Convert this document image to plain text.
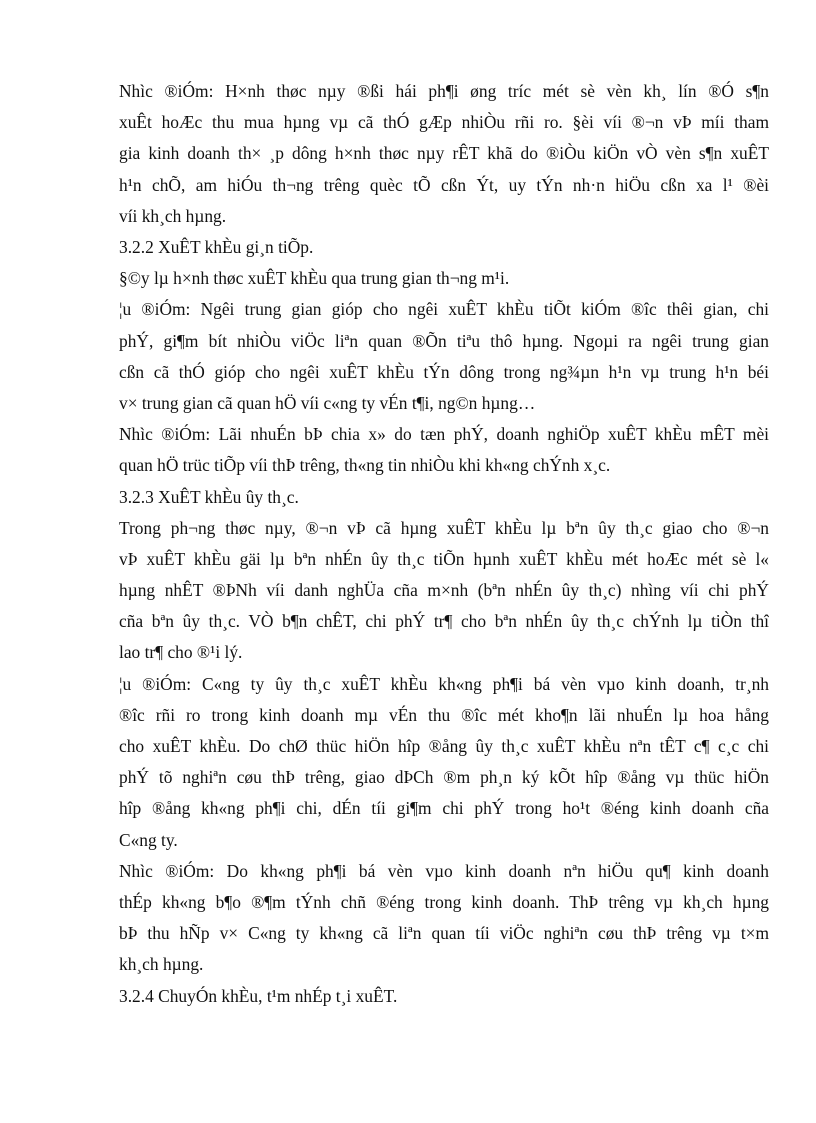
Nhìc ®iÓm: H×nh thøc nµy ®ßi hái ph¶i øng tríc mét sè vèn kh¸ lín ®Ó s¶n
xuÊt hoÆc thu mua hµng vµ cã thÓ gÆp nhiÒu rñi ro. §èi víi ®¬n vÞ míi tham
gia kinh doanh th× ¸p dông h×nh thøc nµy rÊT khã do ®iÒu kiÖn vÒ vèn s¶n xuÊT
h¹n chÕ, am hiÓu th¬ng trêng quèc tÕ cßn Ýt, uy tÝn nh·n hiÖu cßn xa l¹ ®èi
víi kh¸ch hµng.
3.2.2 XuÊT khÈu gi¸n tiÕp.
§©y lµ h×nh thøc xuÊT khÈu qua trung gian th¬ng m¹i.
¦u ®iÓm: Ngêi trung gian gióp cho ngêi xuÊT khÈu tiÕt kiÓm ®îc thêi gian, chi
phÝ, gi¶m bít nhiÒu viÖc liªn quan ®Õn tiªu thô hµng. Ngoµi ra ngêi trung gian
cßn cã thÓ gióp cho ngêi xuÊT khÈu tÝn dông trong ng¾µn h¹n vµ trung h¹n béi
v× trung gian cã quan hÖ víi c«ng ty vÉn t¶i, ng©n hµng…
Nhìc ®iÓm: Lãi nhuÉn bÞ chia x» do tæn phÝ, doanh nghiÖp xuÊT khÈu mÊT mèi
quan hÖ trüc tiÕp víi thÞ trêng, th«ng tin nhiÒu khi kh«ng chÝnh x¸c.
3.2.3 XuÊT khÈu ûy th¸c.
Trong ph¬ng thøc nµy, ®¬n vÞ cã hµng xuÊT khÈu lµ bªn ûy th¸c giao cho ®¬n
vÞ xuÊT khÈu gäi lµ bªn nhÉn ûy th¸c tiÕn hµnh xuÊT khÈu mét hoÆc mét sè l«
hµng nhÊT ®ÞNh víi danh nghÜa cña m×nh (bªn nhÉn ûy th¸c) nhìng víi chi phÝ
cña bªn ûy th¸c. VÒ b¶n chÊT, chi phÝ tr¶ cho bªn nhÉn ûy th¸c chÝnh lµ tiÒn thî
lao tr¶ cho ®¹i lý.
¦u ®iÓm: C«ng ty ûy th¸c xuÊT khÈu kh«ng ph¶i bá vèn vµo kinh doanh, tr¸nh
®îc rñi ro trong kinh doanh mµ vÉn thu ®îc mét kho¶n lãi nhuÉn lµ hoa hång
cho xuÊT khÈu. Do chØ thüc hiÖn hîp ®ång ûy th¸c xuÊT khÈu nªn tÊT c¶ c¸c chi
phÝ tõ nghiªn cøu thÞ trêng, giao dÞCh ®m ph¸n ký kÕt hîp ®ång vµ thüc hiÖn
hîp ®ång kh«ng ph¶i chi, dÉn tíi gi¶m chi phÝ trong ho¹t ®éng kinh doanh cña
C«ng ty.
Nhìc ®iÓm: Do kh«ng ph¶i bá vèn vµo kinh doanh nªn hiÖu qu¶ kinh doanh
thÉp kh«ng b¶o ®¶m tÝnh chñ ®éng trong kinh doanh. ThÞ trêng vµ kh¸ch hµng
bÞ thu hÑp v× C«ng ty kh«ng cã liªn quan tíi viÖc nghiªn cøu thÞ trêng vµ t×m
kh¸ch hµng.
3.2.4 ChuyÓn khÈu, t¹m nhÉp t¸i xuÊT.
